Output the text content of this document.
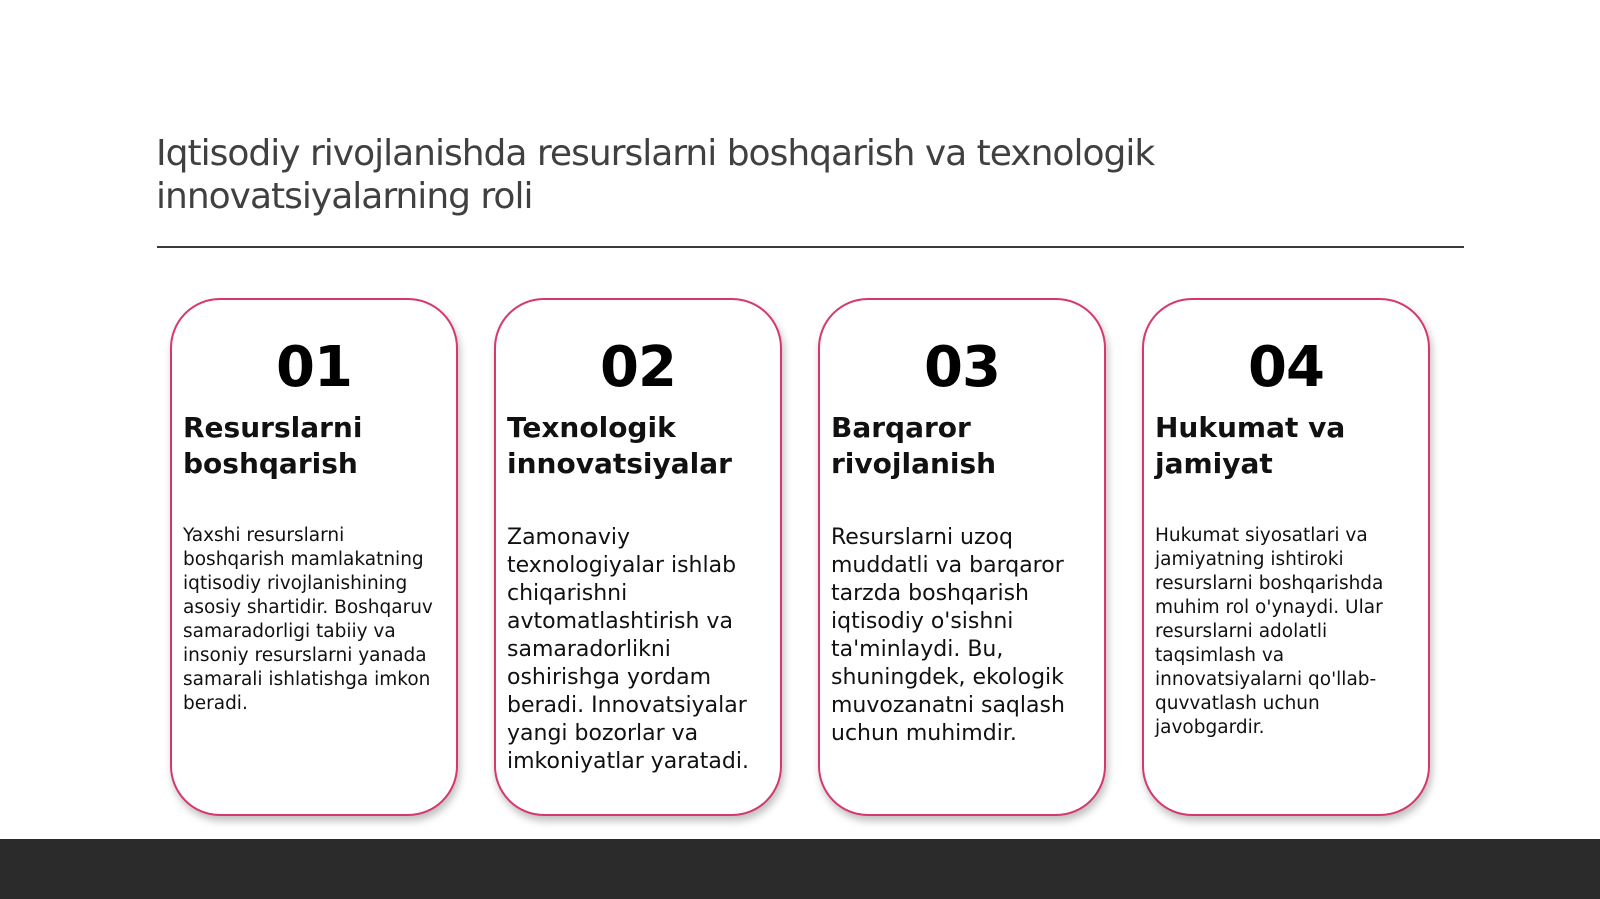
Iqtisodiy rivojlanishda resurslarni boshqarish va texnologik innovatsiyalarning roli
01
Resurslarni boshqarish
Yaxshi resurslarni boshqarish mamlakatning iqtisodiy rivojlanishining asosiy shartidir. Boshqaruv samaradorligi tabiiy va insoniy resurslarni yanada samarali ishlatishga imkon beradi.
02
Texnologik innovatsiyalar
Zamonaviy texnologiyalar ishlab chiqarishni avtomatlashtirish va samaradorlikni oshirishga yordam beradi. Innovatsiyalar yangi bozorlar va imkoniyatlar yaratadi.
03
Barqaror rivojlanish
Resurslarni uzoq muddatli va barqaror tarzda boshqarish iqtisodiy o'sishni ta'minlaydi. Bu, shuningdek, ekologik muvozanatni saqlash uchun muhimdir.
04
Hukumat va jamiyat
Hukumat siyosatlari va jamiyatning ishtiroki resurslarni boshqarishda muhim rol o'ynaydi. Ular resurslarni adolatli taqsimlash va innovatsiyalarni qo'llab-quvvatlash uchun javobgardir.
